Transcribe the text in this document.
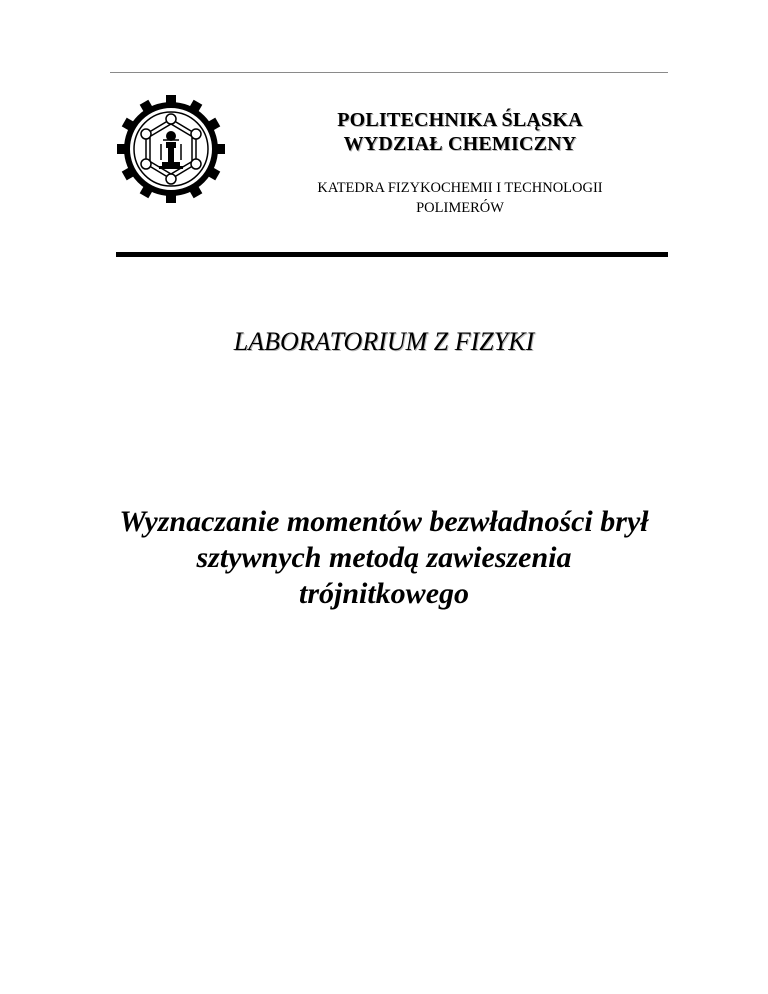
POLITECHNIKA ŚLĄSKA
WYDZIAŁ CHEMICZNY
KATEDRA FIZYKOCHEMII I TECHNOLOGII
POLIMERÓW
LABORATORIUM Z FIZYKI
Wyznaczanie momentów bezwładności brył
sztywnych metodą zawieszenia
trójnitkowego
